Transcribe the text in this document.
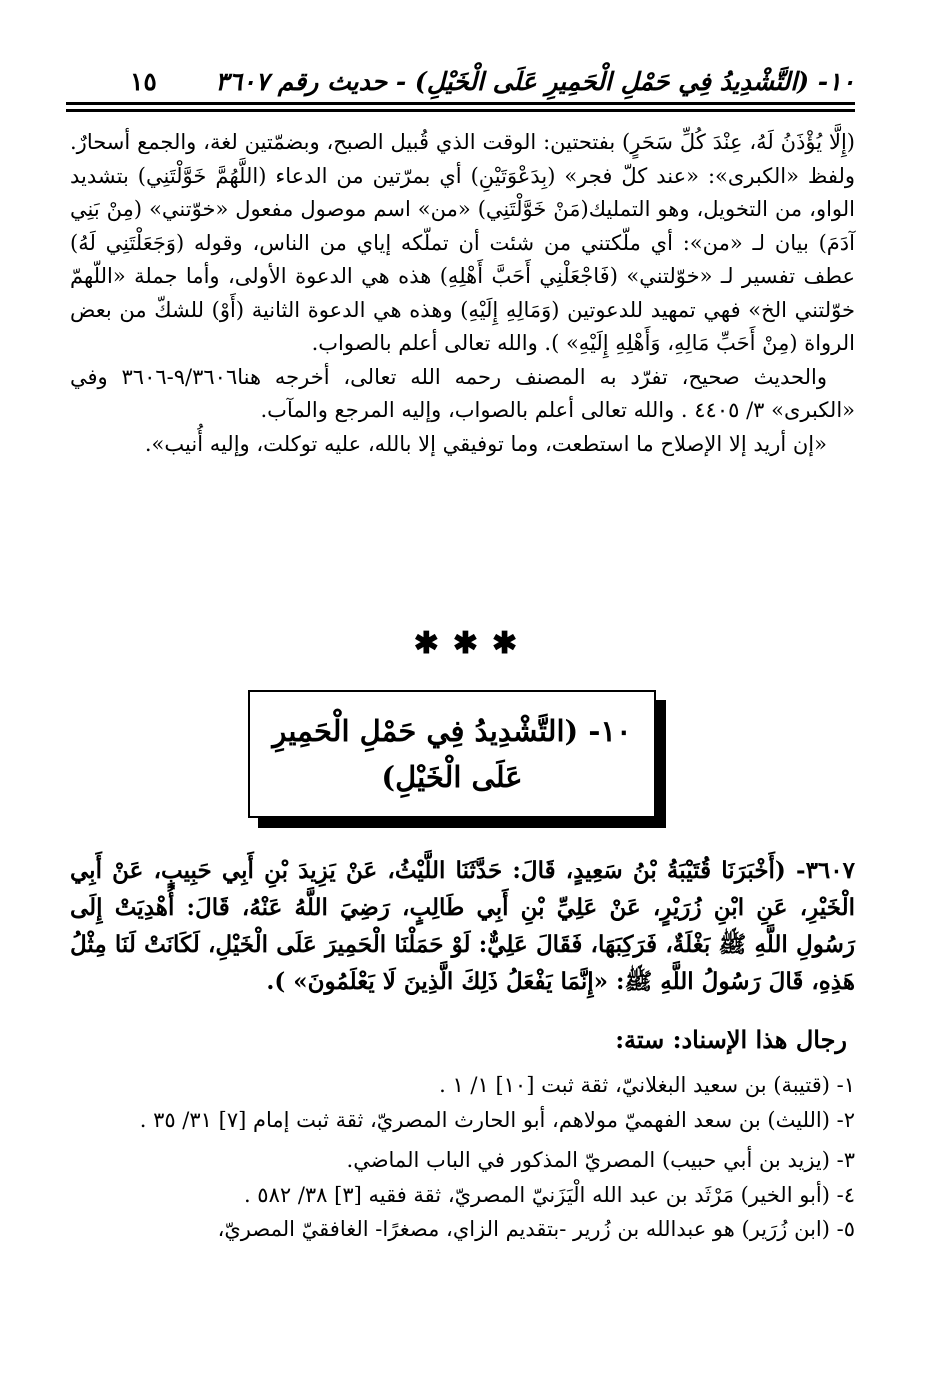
١٠- (التَّشْدِيدُ فِي حَمْلِ الْحَمِيرِ عَلَى الْخَيْلِ) - حديث رقم ٣٦٠٧
١٥

(إِلَّا يُؤْذَنُ لَهُ، عِنْدَ كُلِّ سَحَرٍ) بفتحتين: الوقت الذي قُبيل الصبح، وبضمّتين لغة، والجمع أسحارٌ. ولفظ «الكبرى»: «عند كلّ فجر» (بِدَعْوَتَيْنِ) أي بمرّتين من الدعاء (اللَّهُمَّ خَوَّلْتَنِي) بتشديد الواو، من التخويل، وهو التمليك(مَنْ خَوَّلْتَنِي) «من» اسم موصول مفعول «خوّتني» (مِنْ بَنِي آدَمَ) بيان لـ «من»: أي ملّكتني من شئت أن تملّكه إياي من الناس، وقوله (وَجَعَلْتَنِي لَهُ) عطف تفسير لـ «خوّلتني» (فَاجْعَلْنِي أَحَبَّ أَهْلِهِ) هذه هي الدعوة الأولى، وأما جملة «اللّهمّ خوّلتني الخ» فهي تمهيد للدعوتين (وَمَالِهِ إِلَيْهِ) وهذه هي الدعوة الثانية (أَوْ) للشكّ من بعض الرواة (مِنْ أَحَبِّ مَالِهِ، وَأَهْلِهِ إِلَيْهِ» ). والله تعالى أعلم بالصواب.

والحديث صحيح، تفرّد به المصنف رحمه الله تعالى، أخرجه هنا٩/٣٦٠٦-٣٦٠٦ وفي «الكبرى» ٣/ ٤٤٠٥ . والله تعالى أعلم بالصواب، وإليه المرجع والمآب.

«إن أريد إلا الإصلاح ما استطعت، وما توفيقي إلا بالله، عليه توكلت، وإليه أُنيب».

✱✱✱
١٠- (التَّشْدِيدُ فِي حَمْلِ الْحَمِيرِ
عَلَى الْخَيْلِ)
٣٦٠٧- (أَخْبَرَنَا قُتَيْبَةُ بْنُ سَعِيدٍ، قَالَ: حَدَّثَنَا اللَّيْثُ، عَنْ يَزِيدَ بْنِ أَبِي حَبِيبٍ، عَنْ أَبِي الْخَيْرِ، عَنِ ابْنِ زُرَيْرٍ، عَنْ عَلِيِّ بْنِ أَبِي طَالِبٍ، رَضِيَ اللَّهُ عَنْهُ، قَالَ: أُهْدِيَتْ إِلَى رَسُولِ اللَّهِ ﷺ بَغْلَةٌ، فَرَكِبَهَا، فَقَالَ عَلِيٌّ: لَوْ حَمَلْنَا الْحَمِيرَ عَلَى الْخَيْلِ، لَكَانَتْ لَنَا مِثْلُ هَذِهِ، قَالَ رَسُولُ اللَّهِ ﷺ: «إِنَّمَا يَفْعَلُ ذَلِكَ الَّذِينَ لَا يَعْلَمُونَ» ).
رجال هذا الإسناد: ستة:

١- (قتيبة) بن سعيد البغلانيّ، ثقة ثبت [١٠] ١/ ١ .

٢- (الليث) بن سعد الفهميّ مولاهم، أبو الحارث المصريّ، ثقة ثبت إمام [٧] ٣١/ ٣٥ .

٣- (يزيد بن أبي حبيب) المصريّ المذكور في الباب الماضي.

٤- (أبو الخير) مَرْثَد بن عبد الله الْيَزَنيّ المصريّ، ثقة فقيه [٣] ٣٨/ ٥٨٢ .

٥- (ابن زُرَير) هو عبدالله بن زُرير -بتقديم الزاي، مصغرًا- الغافقيّ المصريّ،
